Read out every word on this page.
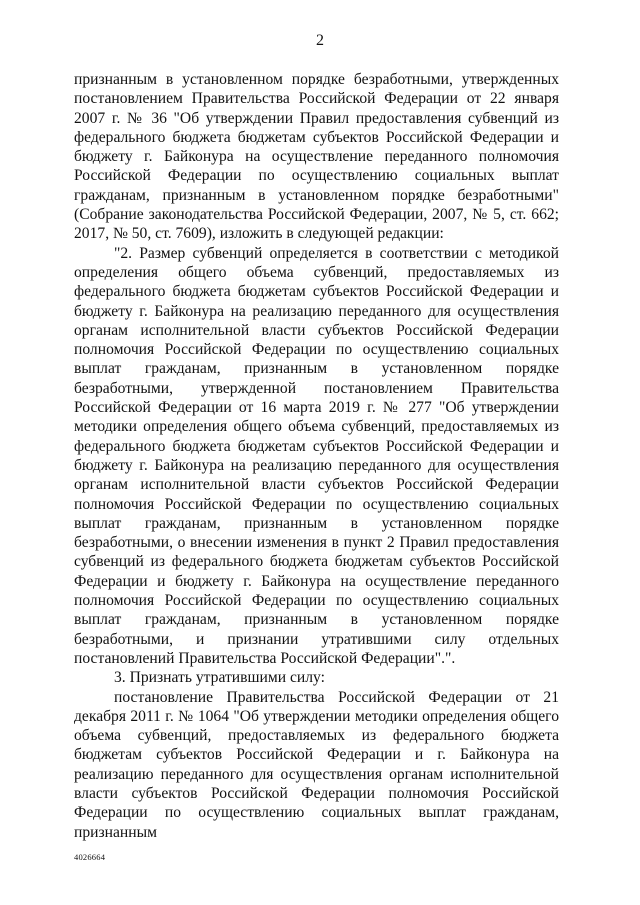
2

признанным в установленном порядке безработными, утвержденных постановлением Правительства Российской Федерации от 22 января 2007 г. № 36 "Об утверждении Правил предоставления субвенций из федерального бюджета бюджетам субъектов Российской Федерации и бюджету г. Байконура на осуществление переданного полномочия Российской Федерации по осуществлению социальных выплат гражданам, признанным в установленном порядке безработными" (Собрание законодательства Российской Федерации, 2007, № 5, ст. 662; 2017, № 50, ст. 7609), изложить в следующей редакции:

"2. Размер субвенций определяется в соответствии с методикой определения общего объема субвенций, предоставляемых из федерального бюджета бюджетам субъектов Российской Федерации и бюджету г. Байконура на реализацию переданного для осуществления органам исполнительной власти субъектов Российской Федерации полномочия Российской Федерации по осуществлению социальных выплат гражданам, признанным в установленном порядке безработными, утвержденной постановлением Правительства Российской Федерации от 16 марта 2019 г. № 277 "Об утверждении методики определения общего объема субвенций, предоставляемых из федерального бюджета бюджетам субъектов Российской Федерации и бюджету г. Байконура на реализацию переданного для осуществления органам исполнительной власти субъектов Российской Федерации полномочия Российской Федерации по осуществлению социальных выплат гражданам, признанным в установленном порядке безработными, о внесении изменения в пункт 2 Правил предоставления субвенций из федерального бюджета бюджетам субъектов Российской Федерации и бюджету г. Байконура на осуществление переданного полномочия Российской Федерации по осуществлению социальных выплат гражданам, признанным в установленном порядке безработными, и признании утратившими силу отдельных постановлений Правительства Российской Федерации".".

3. Признать утратившими силу:

постановление Правительства Российской Федерации от 21 декабря 2011 г. № 1064 "Об утверждении методики определения общего объема субвенций, предоставляемых из федерального бюджета бюджетам субъектов Российской Федерации и г. Байконура на реализацию переданного для осуществления органам исполнительной власти субъектов Российской Федерации полномочия Российской Федерации по осуществлению социальных выплат гражданам, признанным

4026664
